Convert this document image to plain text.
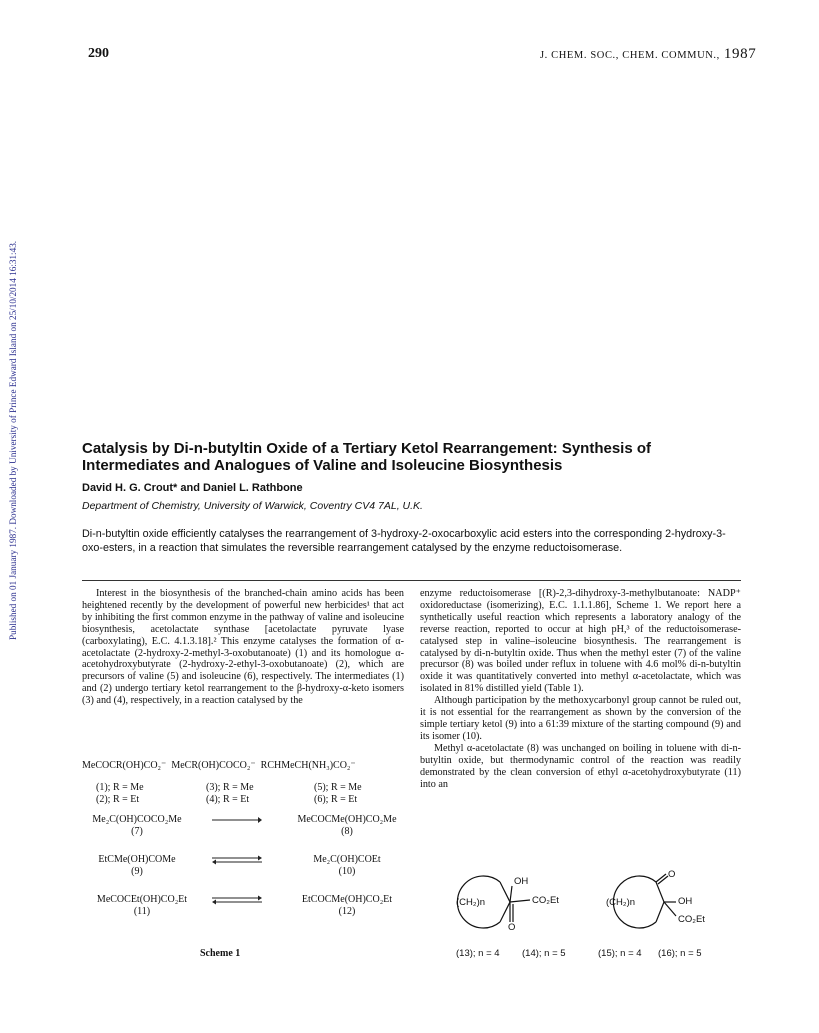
290	J. CHEM. SOC., CHEM. COMMUN., 1987
Published on 01 January 1987. Downloaded by University of Prince Edward Island on 25/10/2014 16:31:43.	Catalysis by Di-n-butyltin Oxide of a Tertiary Ketol Rearrangement: Synthesis of Intermediates and Analogues of Valine and Isoleucine Biosynthesis
David H. G. Crout* and Daniel L. Rathbone
Department of Chemistry, University of Warwick, Coventry CV4 7AL, U.K.
Di-n-butyltin oxide efficiently catalyses the rearrangement of 3-hydroxy-2-oxocarboxylic acid esters into the corresponding 2-hydroxy-3-oxo-esters, in a reaction that simulates the reversible rearrangement catalysed by the enzyme reductoisomerase.

Interest in the biosynthesis of the branched-chain amino acids has been heightened recently by the development of powerful new herbicides¹ that act by inhibiting the first common enzyme in the pathway of valine and isoleucine biosynthesis, acetolactate synthase [acetolactate pyruvate lyase (carboxylating), E.C. 4.1.3.18].² This enzyme catalyses the formation of α-acetolactate (2-hydroxy-2-methyl-3-oxobutanoate) (1) and its homologue α-acetohydroxybutyrate (2-hydroxy-2-ethyl-3-oxobutanoate) (2), which are precursors of valine (5) and isoleucine (6), respectively. The intermediates (1) and (2) undergo tertiary ketol rearrangement to the β-hydroxy-α-keto isomers (3) and (4), respectively, in a reaction catalysed by the

enzyme reductoisomerase [(R)-2,3-dihydroxy-3-methylbutanoate: NADP⁺ oxidoreductase (isomerizing), E.C. 1.1.1.86], Scheme 1. We report here a synthetically useful reaction which represents a laboratory analogy of the reverse reaction, reported to occur at high pH,³ of the reductoisomerase-catalysed step in valine–isoleucine biosynthesis. The rearrangement is catalysed by di-n-butyltin oxide. Thus when the methyl ester (7) of the valine precursor (8) was boiled under reflux in toluene with 4.6 mol% di-n-butyltin oxide it was quantitatively converted into methyl α-acetolactate, which was isolated in 81% distilled yield (Table 1).

Although participation by the methoxycarbonyl group cannot be ruled out, it is not essential for the rearrangement as shown by the conversion of the simple tertiary ketol (9) into a 61:39 mixture of the starting compound (9) and its isomer (10).

Methyl α-acetolactate (8) was unchanged on boiling in toluene with di-n-butyltin oxide, but thermodynamic control of the reaction was readily demonstrated by the clean conversion of ethyl α-acetohydroxybutyrate (11) into an

MeCOCR(OH)CO₂⁻ MeCR(OH)COCO₂⁻ RCHMeCH(NH₃)CO₂⁻
(1); R = Me
(2); R = Et
(3); R = Me
(4); R = Et
(5); R = Me
(6); R = Et
Me₂C(OH)COCO₂Me
(7)
MeCOCMe(OH)CO₂Me
(8)
EtCMe(OH)COMe
(9)
Me₂C(OH)COEt
(10)
MeCOCEt(OH)CO₂Et
(11)
EtCOCMe(OH)CO₂Et
(12)
Scheme 1
(CH₂)n
OH
CO₂Et
O
(CH₂)n
O
OH
CO₂Et
(13); n = 4 (14); n = 5	(15); n = 4 (16); n = 5
